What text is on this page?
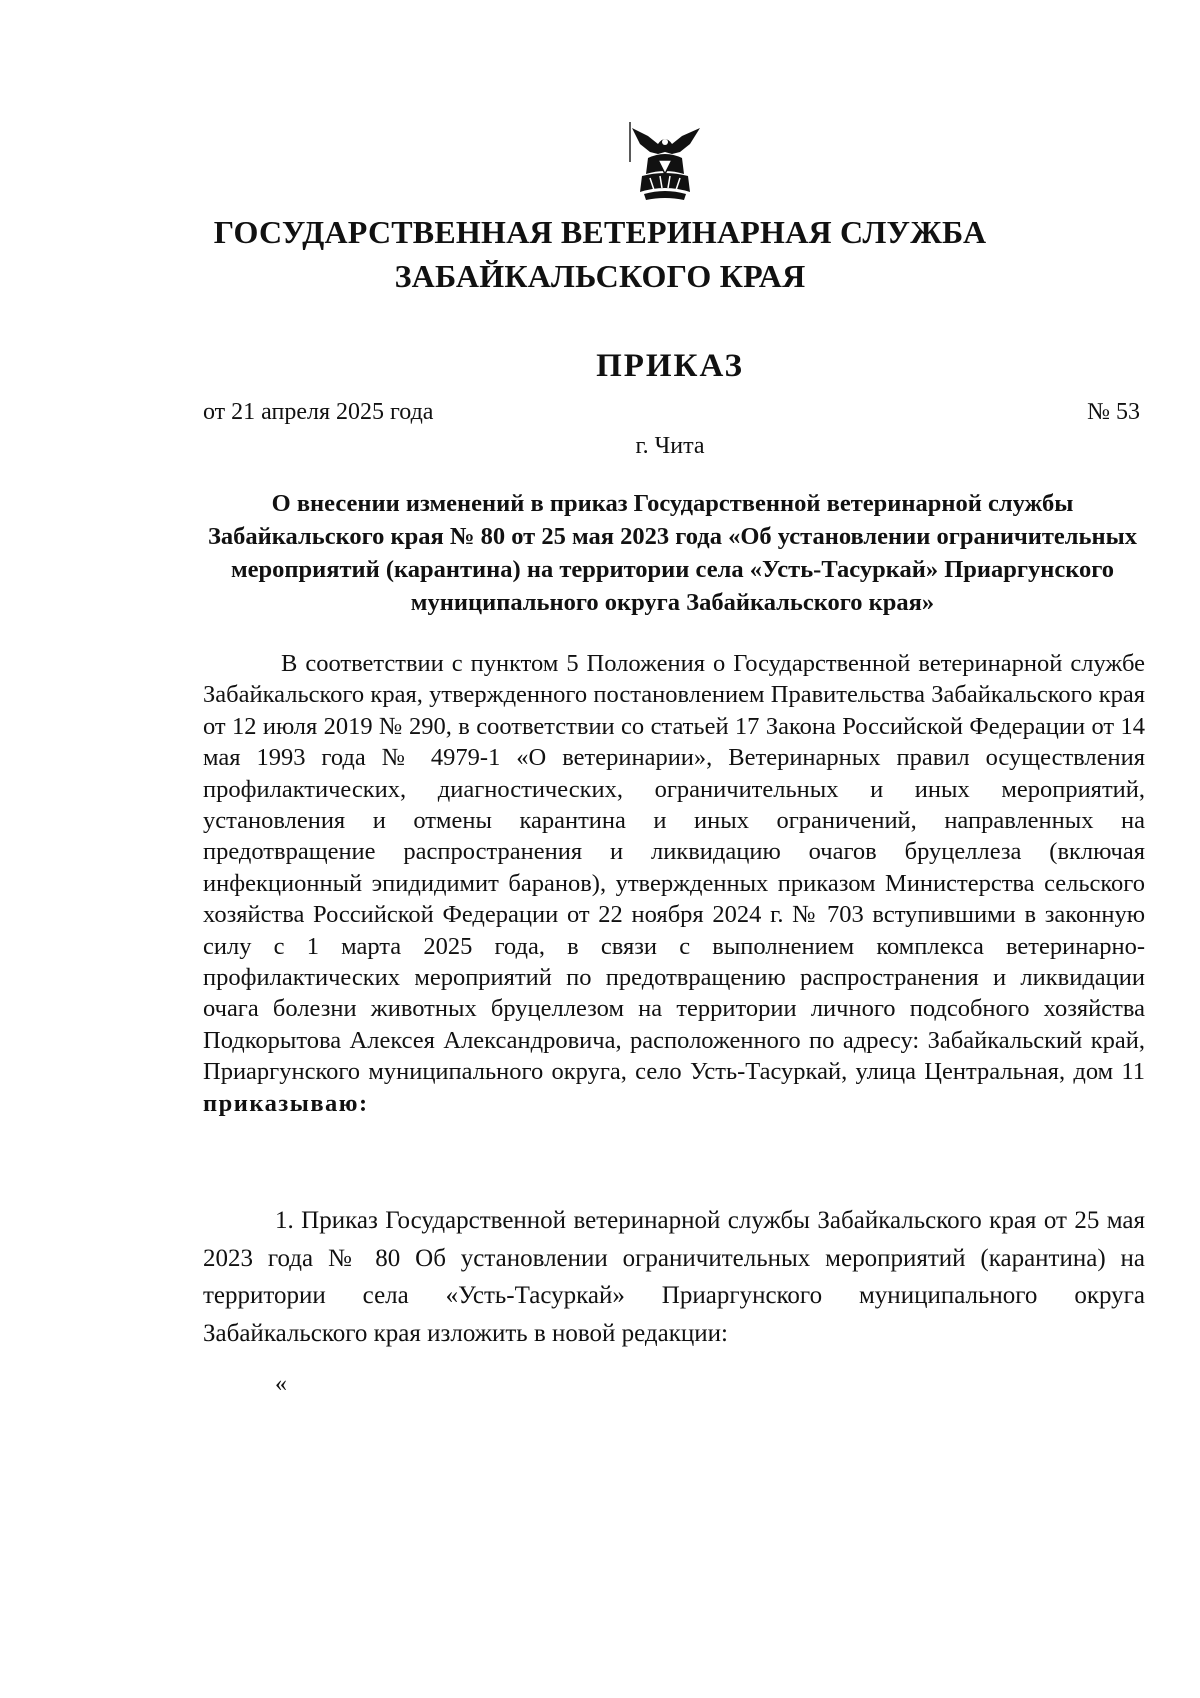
ГОСУДАРСТВЕННАЯ ВЕТЕРИНАРНАЯ СЛУЖБА
ЗАБАЙКАЛЬСКОГО КРАЯ
ПРИКАЗ
от 21 апреля 2025 года	№ 53
г. Чита
О внесении изменений в приказ Государственной ветеринарной службы Забайкальского края № 80 от 25 мая 2023 года «Об установлении ограничительных мероприятий (карантина) на территории села «Усть-Тасуркай» Приаргунского муниципального округа Забайкальского края»

В соответствии с пунктом 5 Положения о Государственной ветеринарной службе Забайкальского края, утвержденного постановлением Правительства Забайкальского края от 12 июля 2019 № 290, в соответствии со статьей 17 Закона Российской Федерации от 14 мая 1993 года № 4979-1 «О ветеринарии», Ветеринарных правил осуществления профилактических, диагностических, ограничительных и иных мероприятий, установления и отмены карантина и иных ограничений, направленных на предотвращение распространения и ликвидацию очагов бруцеллеза (включая инфекционный эпидидимит баранов), утвержденных приказом Министерства сельского хозяйства Российской Федерации от 22 ноября 2024 г. № 703 вступившими в законную силу с 1 марта 2025 года, в связи с выполнением комплекса ветеринарно-профилактических мероприятий по предотвращению распространения и ликвидации очага болезни животных бруцеллезом на территории личного подсобного хозяйства Подкорытова Алексея Александровича, расположенного по адресу: Забайкальский край, Приаргунского муниципального округа, село Усть-Тасуркай, улица Центральная, дом 11 приказываю:

1. Приказ Государственной ветеринарной службы Забайкальского края от 25 мая 2023 года № 80 Об установлении ограничительных мероприятий (карантина) на территории села «Усть-Тасуркай» Приаргунского муниципального округа Забайкальского края изложить в новой редакции:

«
